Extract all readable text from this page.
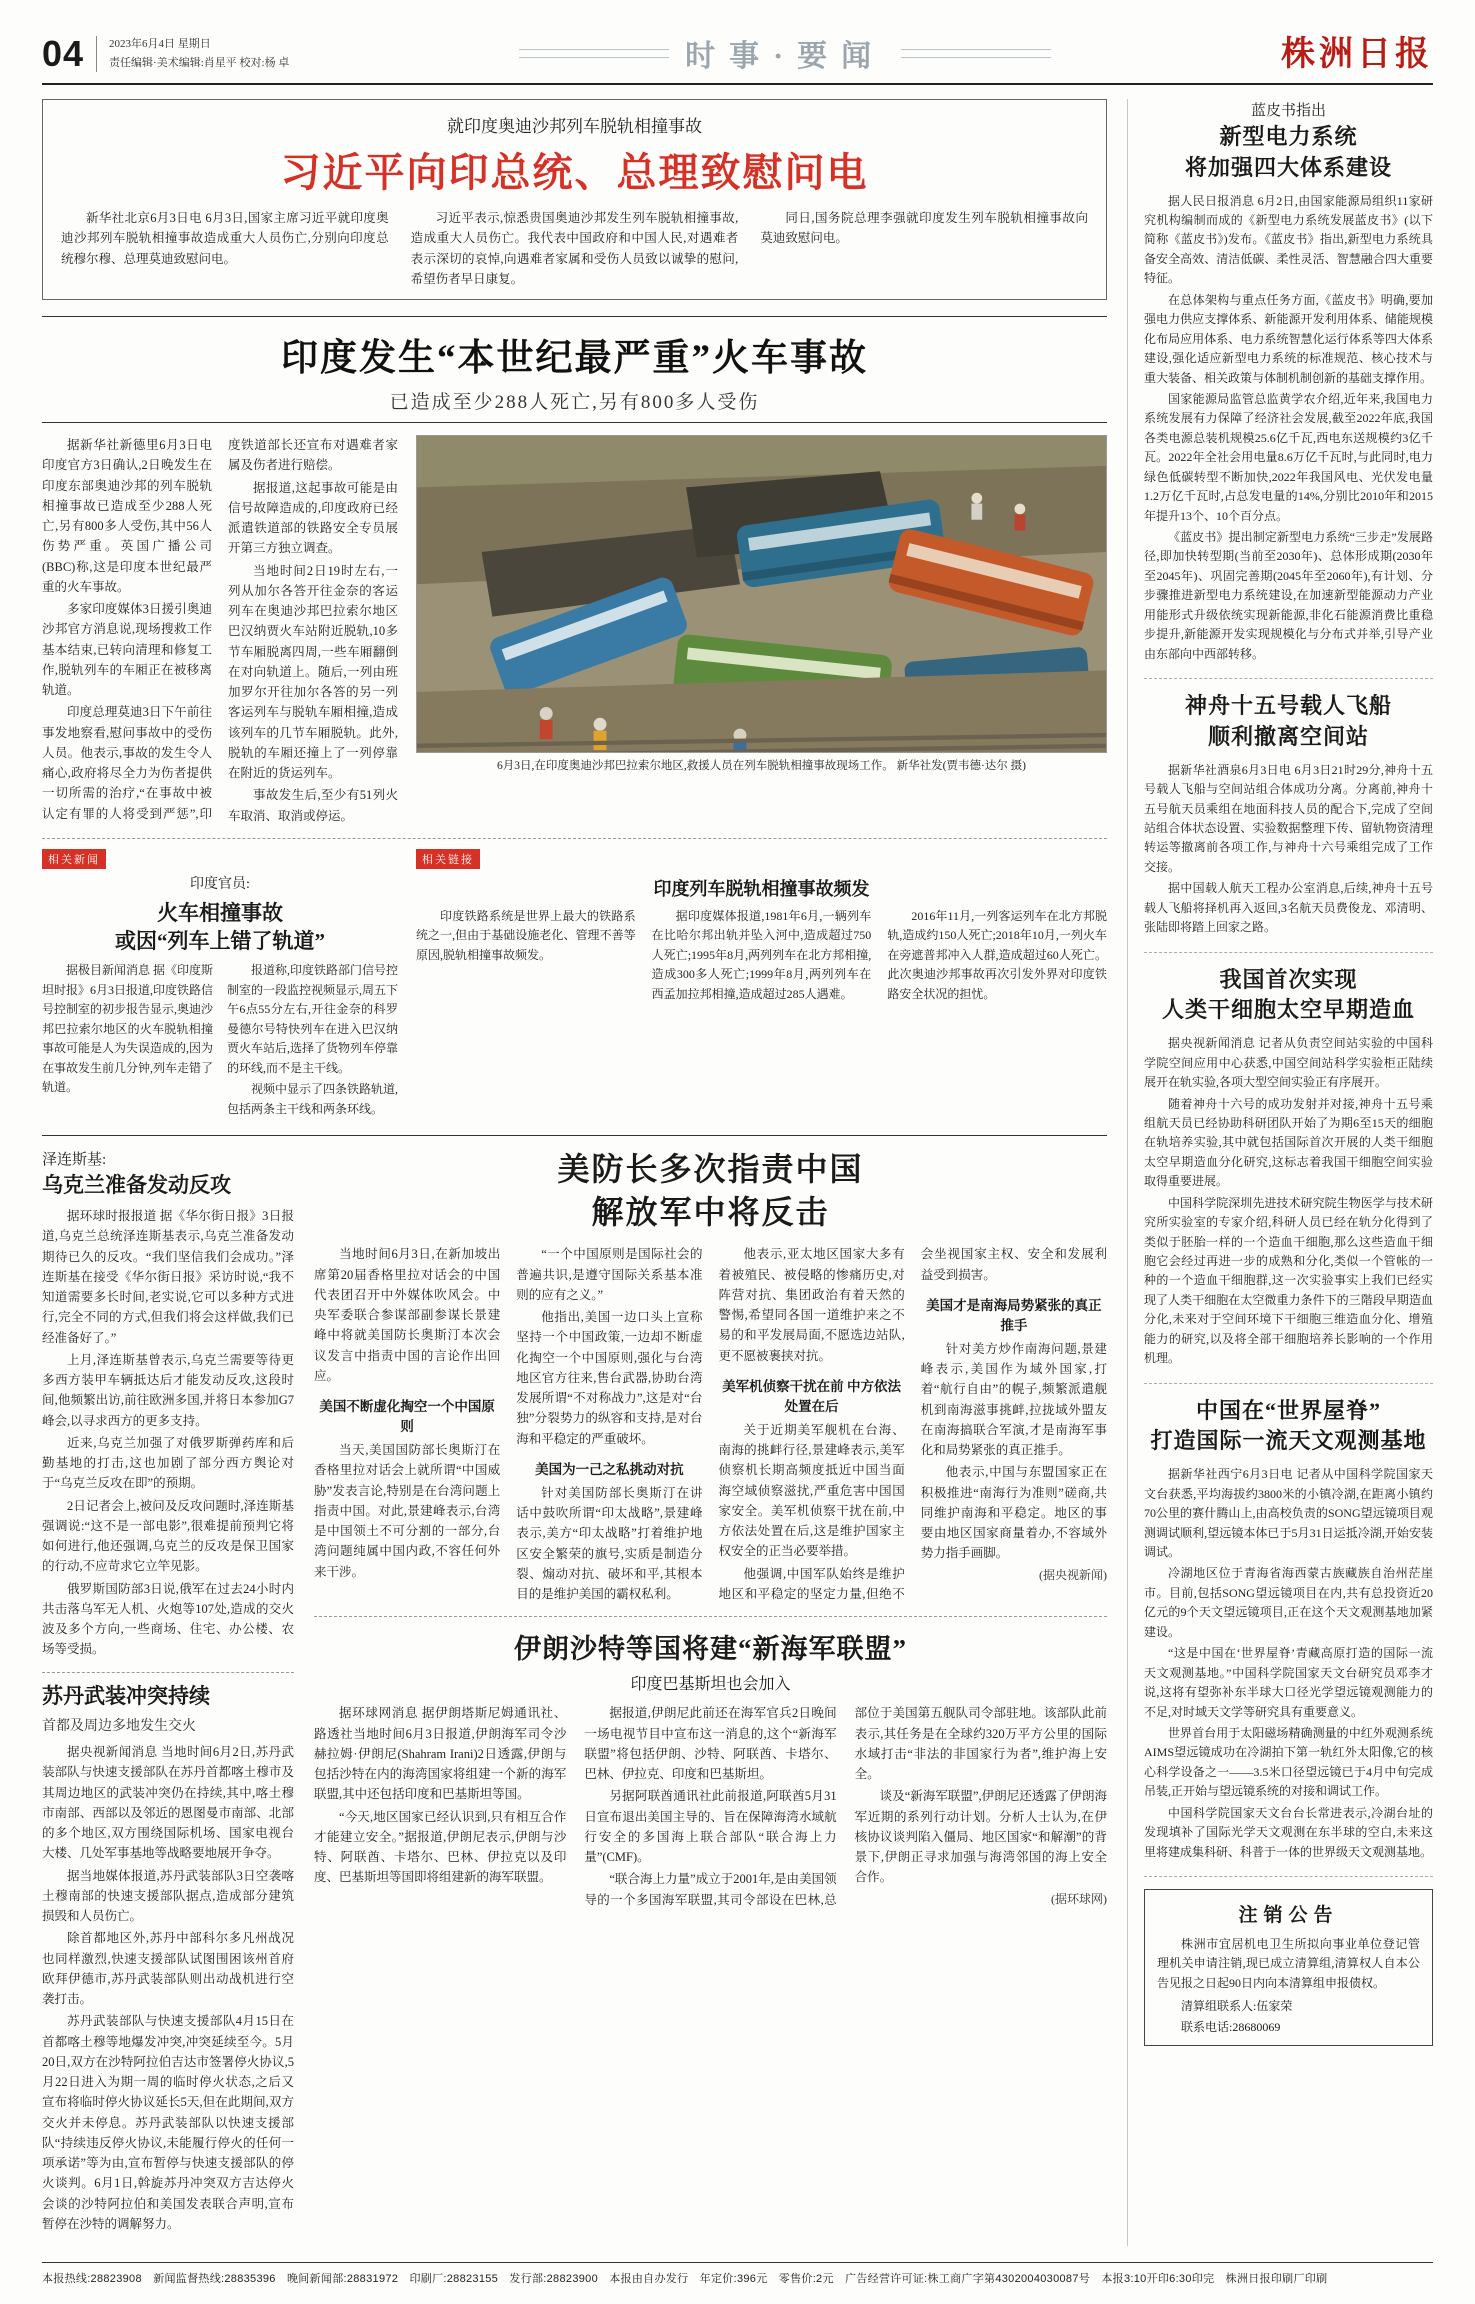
04 2023年6月4日 星期日
责任编辑·美术编辑:肖星平 校对:杨 卓	时事·要闻	株洲日报
就印度奥迪沙邦列车脱轨相撞事故
习近平向印总统、总理致慰问电

新华社北京6月3日电 6月3日,国家主席习近平就印度奥迪沙邦列车脱轨相撞事故造成重大人员伤亡,分别向印度总统穆尔穆、总理莫迪致慰问电。

习近平表示,惊悉贵国奥迪沙邦发生列车脱轨相撞事故,造成重大人员伤亡。我代表中国政府和中国人民,对遇难者表示深切的哀悼,向遇难者家属和受伤人员致以诚挚的慰问,希望伤者早日康复。

同日,国务院总理李强就印度发生列车脱轨相撞事故向莫迪致慰问电。

印度发生“本世纪最严重”火车事故
已造成至少288人死亡,另有800多人受伤

据新华社新德里6月3日电 印度官方3日确认,2日晚发生在印度东部奥迪沙邦的列车脱轨相撞事故已造成至少288人死亡,另有800多人受伤,其中56人伤势严重。英国广播公司(BBC)称,这是印度本世纪最严重的火车事故。

多家印度媒体3日援引奥迪沙邦官方消息说,现场搜救工作基本结束,已转向清理和修复工作,脱轨列车的车厢正在被移离轨道。

印度总理莫迪3日下午前往事发地察看,慰问事故中的受伤人员。他表示,事故的发生令人痛心,政府将尽全力为伤者提供一切所需的治疗,“在事故中被认定有罪的人将受到严惩”,印度铁道部长还宣布对遇难者家属及伤者进行赔偿。

据报道,这起事故可能是由信号故障造成的,印度政府已经派遣铁道部的铁路安全专员展开第三方独立调查。

当地时间2日19时左右,一列从加尔各答开往金奈的客运列车在奥迪沙邦巴拉索尔地区巴汉纳贾火车站附近脱轨,10多节车厢脱离四周,一些车厢翻倒在对向轨道上。随后,一列由班加罗尔开往加尔各答的另一列客运列车与脱轨车厢相撞,造成该列车的几节车厢脱轨。此外,脱轨的车厢还撞上了一列停靠在附近的货运列车。

事故发生后,至少有51列火车取消、取消或停运。

6月3日,在印度奥迪沙邦巴拉索尔地区,救援人员在列车脱轨相撞事故现场工作。 新华社发(贾韦德·达尔 摄)
相关新闻
印度官员:
火车相撞事故
或因“列车上错了轨道”

据极目新闻消息 据《印度斯坦时报》6月3日报道,印度铁路信号控制室的初步报告显示,奥迪沙邦巴拉索尔地区的火车脱轨相撞事故可能是人为失误造成的,因为在事故发生前几分钟,列车走错了轨道。

报道称,印度铁路部门信号控制室的一段监控视频显示,周五下午6点55分左右,开往金奈的科罗曼德尔号特快列车在进入巴汉纳贾火车站后,选择了货物列车停靠的环线,而不是主干线。

视频中显示了四条铁路轨道,包括两条主干线和两条环线。

相关链接
印度列车脱轨相撞事故频发

印度铁路系统是世界上最大的铁路系统之一,但由于基础设施老化、管理不善等原因,脱轨相撞事故频发。

据印度媒体报道,1981年6月,一辆列车在比哈尔邦出轨并坠入河中,造成超过750人死亡;1995年8月,两列列车在北方邦相撞,造成300多人死亡;1999年8月,两列列车在西孟加拉邦相撞,造成超过285人遇难。

2016年11月,一列客运列车在北方邦脱轨,造成约150人死亡;2018年10月,一列火车在旁遮普邦冲入人群,造成超过60人死亡。此次奥迪沙邦事故再次引发外界对印度铁路安全状况的担忧。

泽连斯基:
乌克兰准备发动反攻

据环球时报报道 据《华尔街日报》3日报道,乌克兰总统泽连斯基表示,乌克兰准备发动期待已久的反攻。“我们坚信我们会成功。”泽连斯基在接受《华尔街日报》采访时说,“我不知道需要多长时间,老实说,它可以多种方式进行,完全不同的方式,但我们将会这样做,我们已经准备好了。”

上月,泽连斯基曾表示,乌克兰需要等待更多西方装甲车辆抵达后才能发动反攻,这段时间,他频繁出访,前往欧洲多国,并将日本参加G7峰会,以寻求西方的更多支持。

近来,乌克兰加强了对俄罗斯弹药库和后勤基地的打击,这也加剧了部分西方舆论对于“乌克兰反攻在即”的预期。

2日记者会上,被问及反攻问题时,泽连斯基强调说:“这不是一部电影”,很难提前预判它将如何进行,他还强调,乌克兰的反攻是保卫国家的行动,不应苛求它立竿见影。

俄罗斯国防部3日说,俄军在过去24小时内共击落乌军无人机、火炮等107处,造成的交火波及多个方向,一些商场、住宅、办公楼、农场等受损。

苏丹武装冲突持续
首都及周边多地发生交火

据央视新闻消息 当地时间6月2日,苏丹武装部队与快速支援部队在苏丹首都喀土穆市及其周边地区的武装冲突仍在持续,其中,喀土穆市南部、西部以及邻近的恩图曼市南部、北部的多个地区,双方围绕国际机场、国家电视台大楼、几处军事基地等战略要地展开争夺。

据当地媒体报道,苏丹武装部队3日空袭喀土穆南部的快速支援部队据点,造成部分建筑损毁和人员伤亡。

除首都地区外,苏丹中部科尔多凡州战况也同样激烈,快速支援部队试图围困该州首府欧拜伊德市,苏丹武装部队则出动战机进行空袭打击。

苏丹武装部队与快速支援部队4月15日在首都喀土穆等地爆发冲突,冲突延续至今。5月20日,双方在沙特阿拉伯吉达市签署停火协议,5月22日进入为期一周的临时停火状态,之后又宣布将临时停火协议延长5天,但在此期间,双方交火并未停息。苏丹武装部队以快速支援部队“持续违反停火协议,未能履行停火的任何一项承诺”等为由,宣布暂停与快速支援部队的停火谈判。6月1日,斡旋苏丹冲突双方吉达停火会谈的沙特阿拉伯和美国发表联合声明,宣布暂停在沙特的调解努力。

美防长多次指责中国
解放军中将反击

当地时间6月3日,在新加坡出席第20届香格里拉对话会的中国代表团召开中外媒体吹风会。中央军委联合参谋部副参谋长景建峰中将就美国防长奥斯汀本次会议发言中指责中国的言论作出回应。

美国不断虚化掏空一个中国原则

当天,美国国防部长奥斯汀在香格里拉对话会上就所谓“中国威胁”发表言论,特别是在台湾问题上指责中国。对此,景建峰表示,台湾是中国领土不可分割的一部分,台湾问题纯属中国内政,不容任何外来干涉。

“一个中国原则是国际社会的普遍共识,是遵守国际关系基本准则的应有之义。”

他指出,美国一边口头上宣称坚持一个中国政策,一边却不断虚化掏空一个中国原则,强化与台湾地区官方往来,售台武器,协助台湾发展所谓“不对称战力”,这是对“台独”分裂势力的纵容和支持,是对台海和平稳定的严重破坏。

美国为一己之私挑动对抗

针对美国防部长奥斯汀在讲话中鼓吹所谓“印太战略”,景建峰表示,美方“印太战略”打着维护地区安全繁荣的旗号,实质是制造分裂、煽动对抗、破坏和平,其根本目的是维护美国的霸权私利。

他表示,亚太地区国家大多有着被殖民、被侵略的惨痛历史,对阵营对抗、集团政治有着天然的警惕,希望同各国一道维护来之不易的和平发展局面,不愿选边站队,更不愿被裹挟对抗。

美军机侦察干扰在前 中方依法处置在后

关于近期美军舰机在台海、南海的挑衅行径,景建峰表示,美军侦察机长期高频度抵近中国当面海空域侦察滋扰,严重危害中国国家安全。美军机侦察干扰在前,中方依法处置在后,这是维护国家主权安全的正当必要举措。

他强调,中国军队始终是维护地区和平稳定的坚定力量,但绝不会坐视国家主权、安全和发展利益受到损害。

美国才是南海局势紧张的真正推手

针对美方炒作南海问题,景建峰表示,美国作为域外国家,打着“航行自由”的幌子,频繁派遣舰机到南海滋事挑衅,拉拢域外盟友在南海搞联合军演,才是南海军事化和局势紧张的真正推手。

他表示,中国与东盟国家正在积极推进“南海行为准则”磋商,共同维护南海和平稳定。地区的事要由地区国家商量着办,不容域外势力指手画脚。

(据央视新闻)
伊朗沙特等国将建“新海军联盟”
印度巴基斯坦也会加入

据环球网消息 据伊朗塔斯尼姆通讯社、路透社当地时间6月3日报道,伊朗海军司令沙赫拉姆·伊朗尼(Shahram Irani)2日透露,伊朗与包括沙特在内的海湾国家将组建一个新的海军联盟,其中还包括印度和巴基斯坦等国。

“今天,地区国家已经认识到,只有相互合作才能建立安全。”据报道,伊朗尼表示,伊朗与沙特、阿联酋、卡塔尔、巴林、伊拉克以及印度、巴基斯坦等国即将组建新的海军联盟。

据报道,伊朗尼此前还在海军官兵2日晚间一场电视节目中宣布这一消息的,这个“新海军联盟”将包括伊朗、沙特、阿联酋、卡塔尔、巴林、伊拉克、印度和巴基斯坦。

另据阿联酋通讯社此前报道,阿联酋5月31日宣布退出美国主导的、旨在保障海湾水域航行安全的多国海上联合部队“联合海上力量”(CMF)。

“联合海上力量”成立于2001年,是由美国领导的一个多国海军联盟,其司令部设在巴林,总部位于美国第五舰队司令部驻地。该部队此前表示,其任务是在全球约320万平方公里的国际水域打击“非法的非国家行为者”,维护海上安全。

谈及“新海军联盟”,伊朗尼还透露了伊朗海军近期的系列行动计划。分析人士认为,在伊核协议谈判陷入僵局、地区国家“和解潮”的背景下,伊朗正寻求加强与海湾邻国的海上安全合作。

(据环球网)
蓝皮书指出
新型电力系统
将加强四大体系建设

据人民日报消息 6月2日,由国家能源局组织11家研究机构编制而成的《新型电力系统发展蓝皮书》(以下简称《蓝皮书》)发布。《蓝皮书》指出,新型电力系统具备安全高效、清洁低碳、柔性灵活、智慧融合四大重要特征。

在总体架构与重点任务方面,《蓝皮书》明确,要加强电力供应支撑体系、新能源开发利用体系、储能规模化布局应用体系、电力系统智慧化运行体系等四大体系建设,强化适应新型电力系统的标准规范、核心技术与重大装备、相关政策与体制机制创新的基础支撑作用。

国家能源局监管总监黄学农介绍,近年来,我国电力系统发展有力保障了经济社会发展,截至2022年底,我国各类电源总装机规模25.6亿千瓦,西电东送规模约3亿千瓦。2022年全社会用电量8.6万亿千瓦时,与此同时,电力绿色低碳转型不断加快,2022年我国风电、光伏发电量1.2万亿千瓦时,占总发电量的14%,分别比2010年和2015年提升13个、10个百分点。

《蓝皮书》提出制定新型电力系统“三步走”发展路径,即加快转型期(当前至2030年)、总体形成期(2030年至2045年)、巩固完善期(2045年至2060年),有计划、分步骤推进新型电力系统建设,在加速新型能源动力产业用能形式升级依统实现新能源,非化石能源消费比重稳步提升,新能源开发实现规模化与分布式并举,引导产业由东部向中西部转移。

神舟十五号载人飞船
顺利撤离空间站

据新华社酒泉6月3日电 6月3日21时29分,神舟十五号载人飞船与空间站组合体成功分离。分离前,神舟十五号航天员乘组在地面科技人员的配合下,完成了空间站组合体状态设置、实验数据整理下传、留轨物资清理转运等撤离前各项工作,与神舟十六号乘组完成了工作交接。

据中国载人航天工程办公室消息,后续,神舟十五号载人飞船将择机再入返回,3名航天员费俊龙、邓清明、张陆即将踏上回家之路。

我国首次实现
人类干细胞太空早期造血

据央视新闻消息 记者从负责空间站实验的中国科学院空间应用中心获悉,中国空间站科学实验柜正陆续展开在轨实验,各项大型空间实验正有序展开。

随着神舟十六号的成功发射并对接,神舟十五号乘组航天员已经协助科研团队开始了为期6至15天的细胞在轨培养实验,其中就包括国际首次开展的人类干细胞太空早期造血分化研究,这标志着我国干细胞空间实验取得重要进展。

中国科学院深圳先进技术研究院生物医学与技术研究所实验室的专家介绍,科研人员已经在轨分化得到了类似于胚胎一样的一个造血干细胞,那么这些造血干细胞它会经过再进一步的成熟和分化,类似一个管帐的一种的一个造血干细胞群,这一次实验事实上我们已经实现了人类干细胞在太空微重力条件下的三階段早期造血分化,未来对于空间环境下干细胞三维造血分化、增殖能力的研究,以及将全部干细胞培养长影响的一个作用机理。

中国在“世界屋脊”
打造国际一流天文观测基地

据新华社西宁6月3日电 记者从中国科学院国家天文台获悉,平均海拔约3800米的小镇冷湖,在距离小镇约70公里的赛什腾山上,由高校负责的SONG望远镜项目观测调试顺利,望远镜本体已于5月31日运抵冷湖,开始安装调试。

冷湖地区位于青海省海西蒙古族藏族自治州茫崖市。目前,包括SONG望远镜项目在内,共有总投资近20亿元的9个天文望远镜项目,正在这个天文观测基地加紧建设。

“这是中国在‘世界屋脊’青藏高原打造的国际一流天文观测基地。”中国科学院国家天文台研究员邓李才说,这将有望弥补东半球大口径光学望远镜观测能力的不足,对时域天文学等研究具有重要意义。

世界首台用于太阳磁场精确测量的中红外观测系统AIMS望远镜成功在冷湖拍下第一轨红外太阳像,它的核心科学设备之一——3.5米口径望远镜已于4月中旬完成吊装,正开始与望远镜系统的对接和调试工作。

中国科学院国家天文台台长常进表示,冷湖台址的发现填补了国际光学天文观测在东半球的空白,未来这里将建成集科研、科普于一体的世界级天文观测基地。

注销公告

株洲市宜居机电卫生所拟向事业单位登记管理机关申请注销,现已成立清算组,清算权人自本公告见报之日起90日内向本清算组申报债权。

清算组联系人:伍家荣
联系电话:28680069
本报热线:28823908　新闻监督热线:28835396　晚间新闻部:28831972　印刷厂:28823155　发行部:28823900　本报由自办发行　年定价:396元　零售价:2元　广告经营许可证:株工商广字第4302004030087号　本报3:10开印6:30印完　株洲日报印刷厂印刷
